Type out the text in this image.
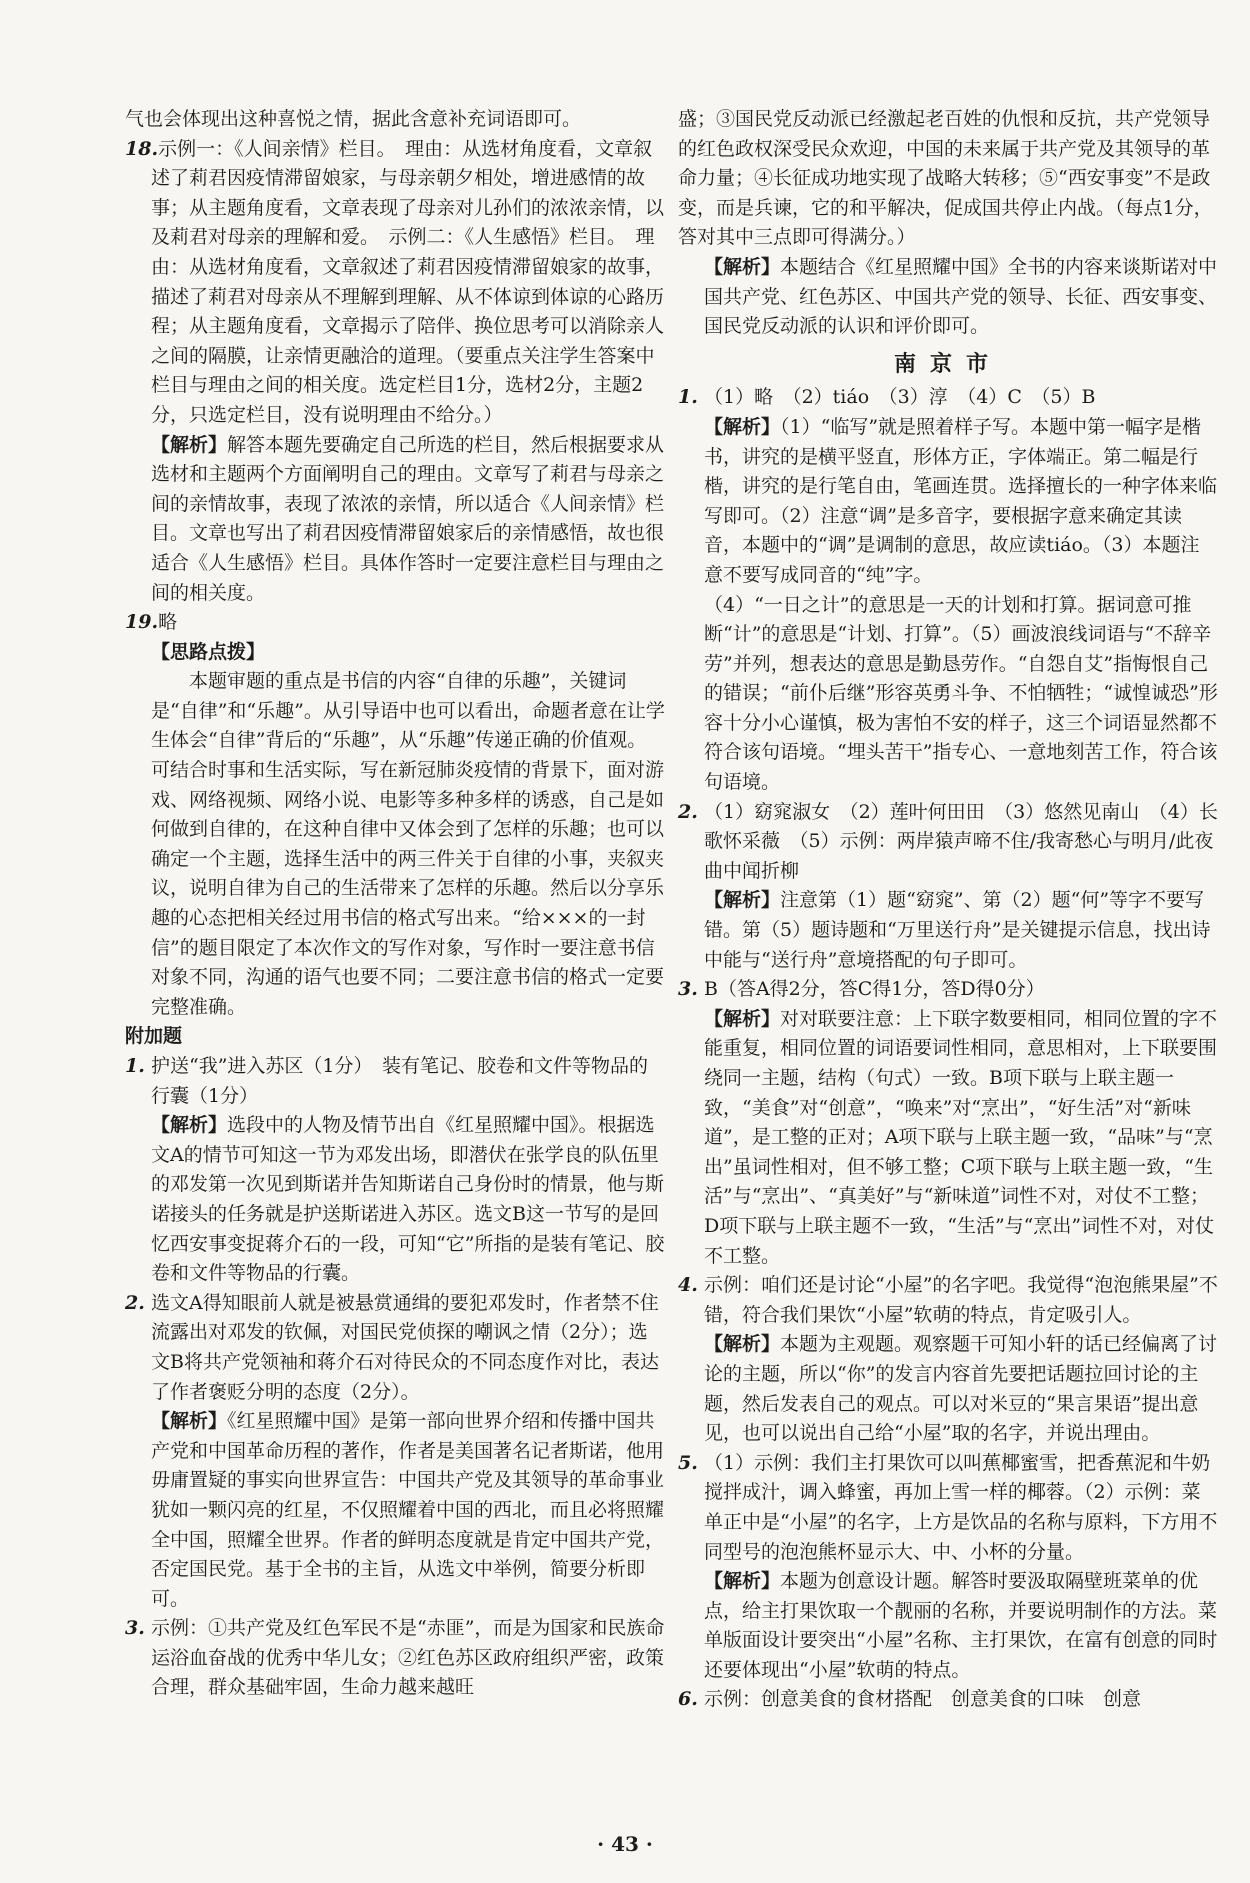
气也会体现出这种喜悦之情，据此含意补充词语即可。

18.示例一：《人间亲情》栏目。　理由：从选材角度看，文章叙述了莉君因疫情滞留娘家，与母亲朝夕相处，增进感情的故事；从主题角度看，文章表现了母亲对儿孙们的浓浓亲情，以及莉君对母亲的理解和爱。　示例二：《人生感悟》栏目。　理由：从选材角度看，文章叙述了莉君因疫情滞留娘家的故事，描述了莉君对母亲从不理解到理解、从不体谅到体谅的心路历程；从主题角度看，文章揭示了陪伴、换位思考可以消除亲人之间的隔膜，让亲情更融洽的道理。（要重点关注学生答案中栏目与理由之间的相关度。选定栏目1分，选材2分，主题2分，只选定栏目，没有说明理由不给分。）

【解析】解答本题先要确定自己所选的栏目，然后根据要求从选材和主题两个方面阐明自己的理由。文章写了莉君与母亲之间的亲情故事，表现了浓浓的亲情，所以适合《人间亲情》栏目。文章也写出了莉君因疫情滞留娘家后的亲情感悟，故也很适合《人生感悟》栏目。具体作答时一定要注意栏目与理由之间的相关度。

19.略

【思路点拨】

本题审题的重点是书信的内容“自律的乐趣”，关键词是“自律”和“乐趣”。从引导语中也可以看出，命题者意在让学生体会“自律”背后的“乐趣”，从“乐趣”传递正确的价值观。可结合时事和生活实际，写在新冠肺炎疫情的背景下，面对游戏、网络视频、网络小说、电影等多种多样的诱惑，自己是如何做到自律的，在这种自律中又体会到了怎样的乐趣；也可以确定一个主题，选择生活中的两三件关于自律的小事，夹叙夹议，说明自律为自己的生活带来了怎样的乐趣。然后以分享乐趣的心态把相关经过用书信的格式写出来。“给×××的一封信”的题目限定了本次作文的写作对象，写作时一要注意书信对象不同，沟通的语气也要不同；二要注意书信的格式一定要完整准确。

附加题

1. 护送“我”进入苏区（1分）　装有笔记、胶卷和文件等物品的行囊（1分）

【解析】选段中的人物及情节出自《红星照耀中国》。根据选文A的情节可知这一节为邓发出场，即潜伏在张学良的队伍里的邓发第一次见到斯诺并告知斯诺自己身份时的情景，他与斯诺接头的任务就是护送斯诺进入苏区。选文B这一节写的是回忆西安事变捉蒋介石的一段，可知“它”所指的是装有笔记、胶卷和文件等物品的行囊。

2. 选文A得知眼前人就是被悬赏通缉的要犯邓发时，作者禁不住流露出对邓发的钦佩，对国民党侦探的嘲讽之情（2分）；选文B将共产党领袖和蒋介石对待民众的不同态度作对比，表达了作者褒贬分明的态度（2分）。

【解析】《红星照耀中国》是第一部向世界介绍和传播中国共产党和中国革命历程的著作，作者是美国著名记者斯诺，他用毋庸置疑的事实向世界宣告：中国共产党及其领导的革命事业犹如一颗闪亮的红星，不仅照耀着中国的西北，而且必将照耀全中国，照耀全世界。作者的鲜明态度就是肯定中国共产党，否定国民党。基于全书的主旨，从选文中举例，简要分析即可。

3. 示例：①共产党及红色军民不是“赤匪”，而是为国家和民族命运浴血奋战的优秀中华儿女；②红色苏区政府组织严密，政策合理，群众基础牢固，生命力越来越旺

盛；③国民党反动派已经激起老百姓的仇恨和反抗，共产党领导的红色政权深受民众欢迎，中国的未来属于共产党及其领导的革命力量；④长征成功地实现了战略大转移；⑤“西安事变”不是政变，而是兵谏，它的和平解决，促成国共停止内战。（每点1分，答对其中三点即可得满分。）

【解析】本题结合《红星照耀中国》全书的内容来谈斯诺对中国共产党、红色苏区、中国共产党的领导、长征、西安事变、国民党反动派的认识和评价即可。

南京市

1. （1）略　（2）tiáo　（3）淳　（4）C　（5）B

【解析】（1）“临写”就是照着样子写。本题中第一幅字是楷书，讲究的是横平竖直，形体方正，字体端正。第二幅是行楷，讲究的是行笔自由，笔画连贯。选择擅长的一种字体来临写即可。（2）注意“调”是多音字，要根据字意来确定其读音，本题中的“调”是调制的意思，故应读tiáo。（3）本题注意不要写成同音的“纯”字。

（4）“一日之计”的意思是一天的计划和打算。据词意可推断“计”的意思是“计划、打算”。（5）画波浪线词语与“不辞辛劳”并列，想表达的意思是勤恳劳作。“自怨自艾”指悔恨自己的错误；“前仆后继”形容英勇斗争、不怕牺牲；“诚惶诚恐”形容十分小心谨慎，极为害怕不安的样子，这三个词语显然都不符合该句语境。“埋头苦干”指专心、一意地刻苦工作，符合该句语境。

2. （1）窈窕淑女　（2）莲叶何田田　（3）悠然见南山　（4）长歌怀采薇　（5）示例：两岸猿声啼不住/我寄愁心与明月/此夜曲中闻折柳

【解析】注意第（1）题“窈窕”、第（2）题“何”等字不要写错。第（5）题诗题和“万里送行舟”是关键提示信息，找出诗中能与“送行舟”意境搭配的句子即可。

3. B（答A得2分，答C得1分，答D得0分）

【解析】对对联要注意：上下联字数要相同，相同位置的字不能重复，相同位置的词语要词性相同，意思相对，上下联要围绕同一主题，结构（句式）一致。B项下联与上联主题一致，“美食”对“创意”，“唤来”对“烹出”，“好生活”对“新味道”，是工整的正对；A项下联与上联主题一致，“品味”与“烹出”虽词性相对，但不够工整；C项下联与上联主题一致，“生活”与“烹出”、“真美好”与“新味道”词性不对，对仗不工整；D项下联与上联主题不一致，“生活”与“烹出”词性不对，对仗不工整。

4. 示例：咱们还是讨论“小屋”的名字吧。我觉得“泡泡熊果屋”不错，符合我们果饮“小屋”软萌的特点，肯定吸引人。

【解析】本题为主观题。观察题干可知小轩的话已经偏离了讨论的主题，所以“你”的发言内容首先要把话题拉回讨论的主题，然后发表自己的观点。可以对米豆的“果言果语”提出意见，也可以说出自己给“小屋”取的名字，并说出理由。

5. （1）示例：我们主打果饮可以叫蕉椰蜜雪，把香蕉泥和牛奶搅拌成汁，调入蜂蜜，再加上雪一样的椰蓉。（2）示例：菜单正中是“小屋”的名字，上方是饮品的名称与原料，下方用不同型号的泡泡熊杯显示大、中、小杯的分量。

【解析】本题为创意设计题。解答时要汲取隔壁班菜单的优点，给主打果饮取一个靓丽的名称，并要说明制作的方法。菜单版面设计要突出“小屋”名称、主打果饮，在富有创意的同时还要体现出“小屋”软萌的特点。

6. 示例：创意美食的食材搭配　创意美食的口味　创意

· 43 ·
